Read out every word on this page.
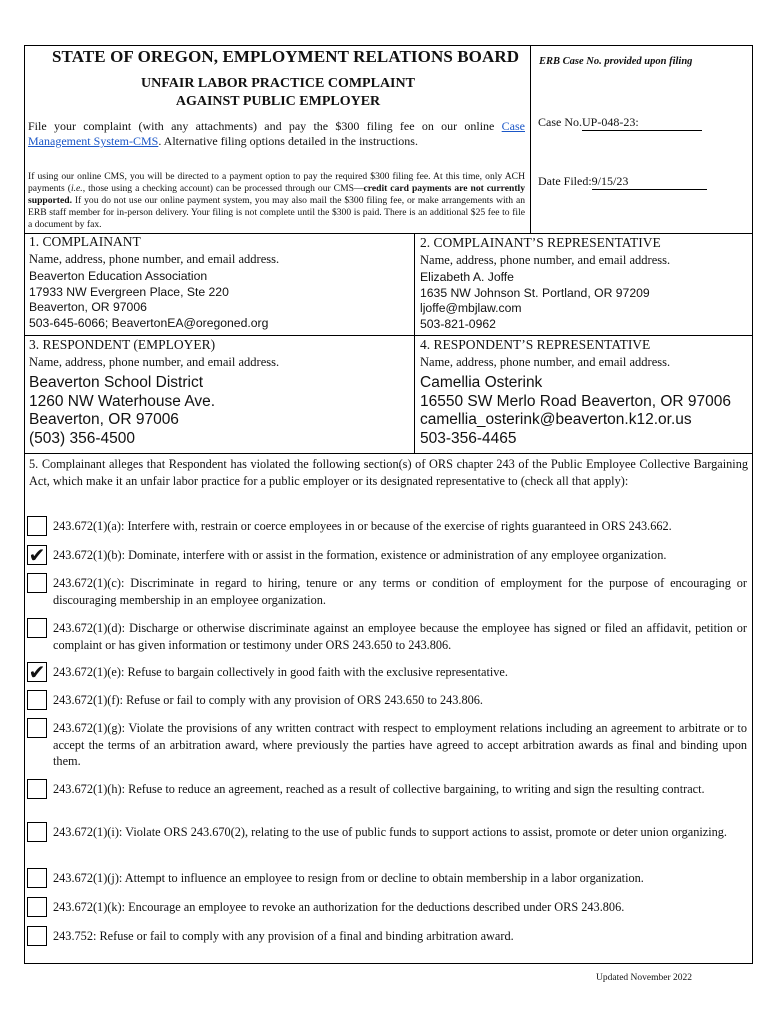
STATE OF OREGON, EMPLOYMENT RELATIONS BOARD
UNFAIR LABOR PRACTICE COMPLAINT
AGAINST PUBLIC EMPLOYER
File your complaint (with any attachments) and pay the $300 filing fee on our online Case Management System-CMS. Alternative filing options detailed in the instructions.
If using our online CMS, you will be directed to a payment option to pay the required $300 filing fee. At this time, only ACH payments (i.e., those using a checking account) can be processed through our CMS—credit card payments are not currently supported. If you do not use our online payment system, you may also mail the $300 filing fee, or make arrangements with an ERB staff member for in-person delivery. Your filing is not complete until the $300 is paid. There is an additional $25 fee to file a document by fax.
ERB Case No. provided upon filing
Case No.UP-048-23:
Date Filed:9/15/23
1. COMPLAINANT
Name, address, phone number, and email address.
Beaverton Education Association
17933 NW Evergreen Place, Ste 220
Beaverton, OR 97006
503-645-6066; BeavertonEA@oregoned.org
2. COMPLAINANT’S REPRESENTATIVE
Name, address, phone number, and email address.
Elizabeth A. Joffe
1635 NW Johnson St. Portland, OR 97209
ljoffe@mbjlaw.com
503-821-0962
3. RESPONDENT (EMPLOYER)
Name, address, phone number, and email address.
Beaverton School District
1260 NW Waterhouse Ave.
Beaverton, OR 97006
(503) 356-4500
4. RESPONDENT’S REPRESENTATIVE
Name, address, phone number, and email address.
Camellia Osterink
16550 SW Merlo Road Beaverton, OR 97006
camellia_osterink@beaverton.k12.or.us
503-356-4465
5. Complainant alleges that Respondent has violated the following section(s) of ORS chapter 243 of the Public Employee Collective Bargaining Act, which make it an unfair labor practice for a public employer or its designated representative to (check all that apply):
243.672(1)(a): Interfere with, restrain or coerce employees in or because of the exercise of rights guaranteed in ORS 243.662.
✔ 243.672(1)(b): Dominate, interfere with or assist in the formation, existence or administration of any employee organization.
243.672(1)(c): Discriminate in regard to hiring, tenure or any terms or condition of employment for the purpose of encouraging or discouraging membership in an employee organization.
243.672(1)(d): Discharge or otherwise discriminate against an employee because the employee has signed or filed an affidavit, petition or complaint or has given information or testimony under ORS 243.650 to 243.806.
✔ 243.672(1)(e): Refuse to bargain collectively in good faith with the exclusive representative.
243.672(1)(f): Refuse or fail to comply with any provision of ORS 243.650 to 243.806.
243.672(1)(g): Violate the provisions of any written contract with respect to employment relations including an agreement to arbitrate or to accept the terms of an arbitration award, where previously the parties have agreed to accept arbitration awards as final and binding upon them.
243.672(1)(h): Refuse to reduce an agreement, reached as a result of collective bargaining, to writing and sign the resulting contract.
243.672(1)(i): Violate ORS 243.670(2), relating to the use of public funds to support actions to assist, promote or deter union organizing.
243.672(1)(j): Attempt to influence an employee to resign from or decline to obtain membership in a labor organization.
243.672(1)(k): Encourage an employee to revoke an authorization for the deductions described under ORS 243.806.
243.752: Refuse or fail to comply with any provision of a final and binding arbitration award.
Updated November 2022
